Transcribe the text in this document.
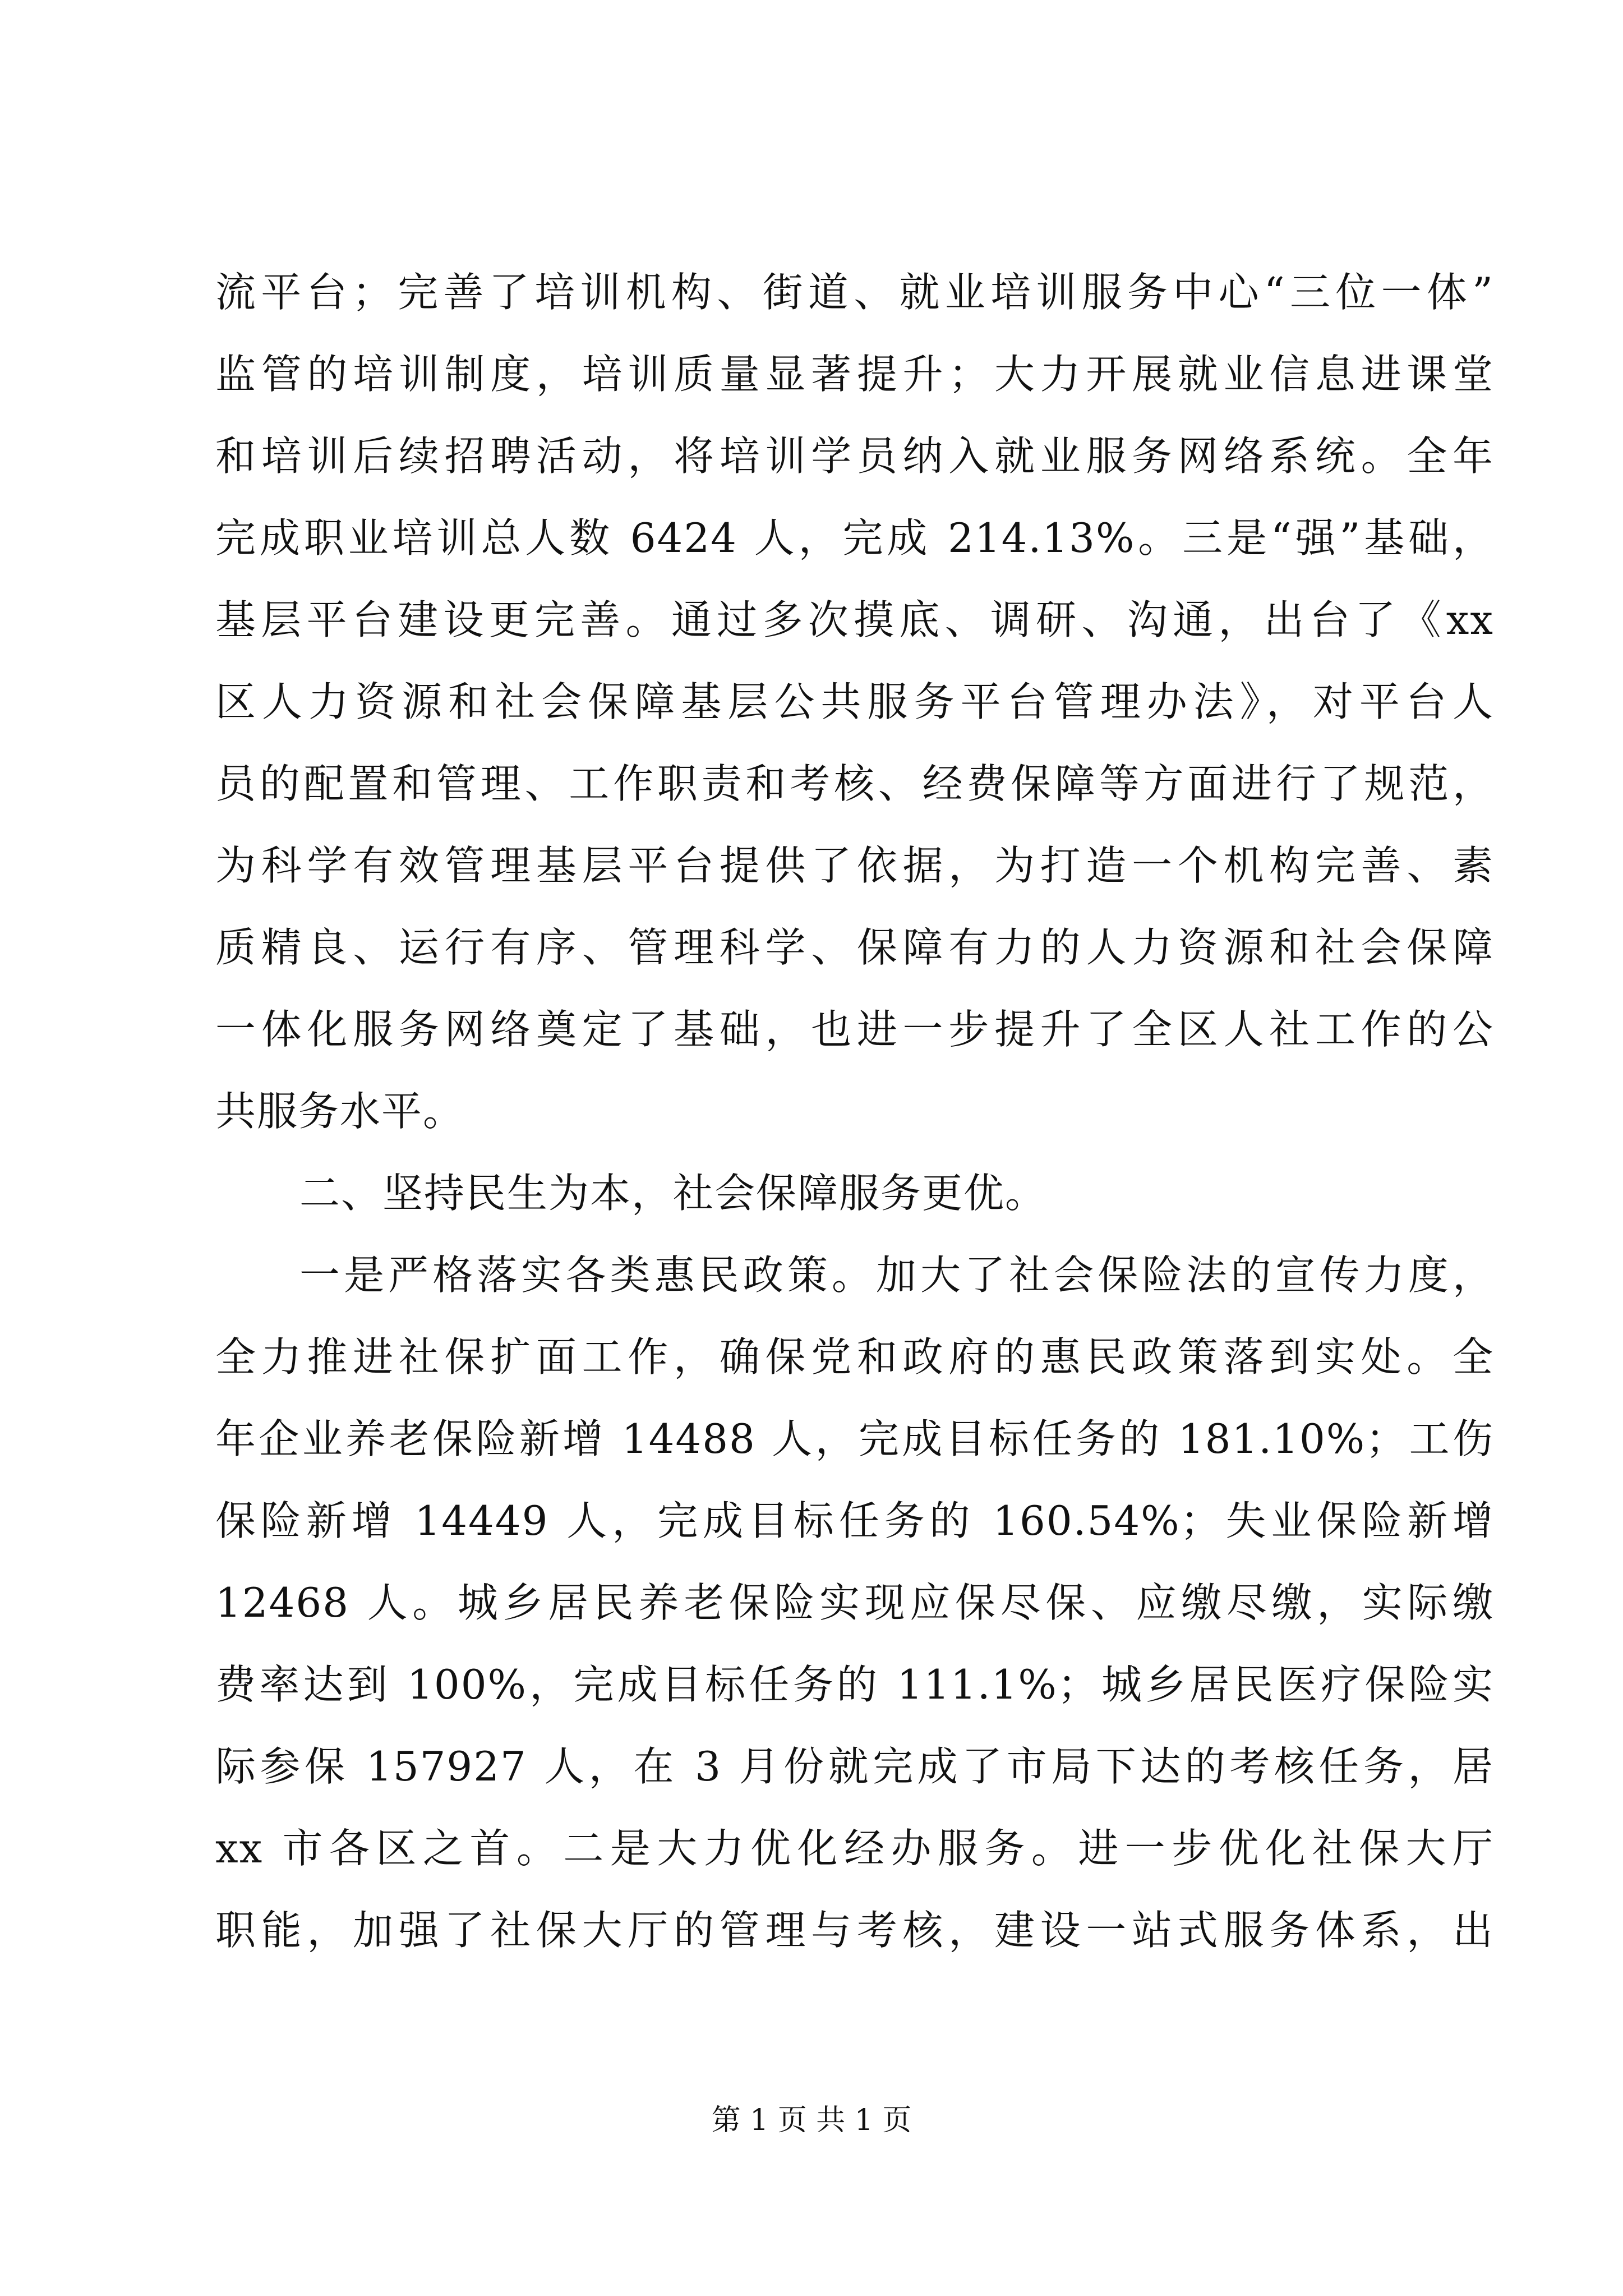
流平台；完善了培训机构、街道、就业培训服务中心“三位一体”
监管的培训制度，培训质量显著提升；大力开展就业信息进课堂
和培训后续招聘活动，将培训学员纳入就业服务网络系统。全年
完成职业培训总人数 6424 人，完成 214.13%。三是“强”基础，
基层平台建设更完善。通过多次摸底、调研、沟通，出台了《xx
区人力资源和社会保障基层公共服务平台管理办法》，对平台人
员的配置和管理、工作职责和考核、经费保障等方面进行了规范，
为科学有效管理基层平台提供了依据，为打造一个机构完善、素
质精良、运行有序、管理科学、保障有力的人力资源和社会保障
一体化服务网络奠定了基础，也进一步提升了全区人社工作的公
共服务水平。
二、坚持民生为本，社会保障服务更优。
一是严格落实各类惠民政策。加大了社会保险法的宣传力度，
全力推进社保扩面工作，确保党和政府的惠民政策落到实处。全
年企业养老保险新增 14488 人，完成目标任务的 181.10%；工伤
保险新增 14449 人，完成目标任务的 160.54%；失业保险新增
12468 人。城乡居民养老保险实现应保尽保、应缴尽缴，实际缴
费率达到 100%，完成目标任务的 111.1%；城乡居民医疗保险实
际参保 157927 人，在 3 月份就完成了市局下达的考核任务，居
xx 市各区之首。二是大力优化经办服务。进一步优化社保大厅
职能，加强了社保大厅的管理与考核，建设一站式服务体系，出
第 1 页 共 1 页
